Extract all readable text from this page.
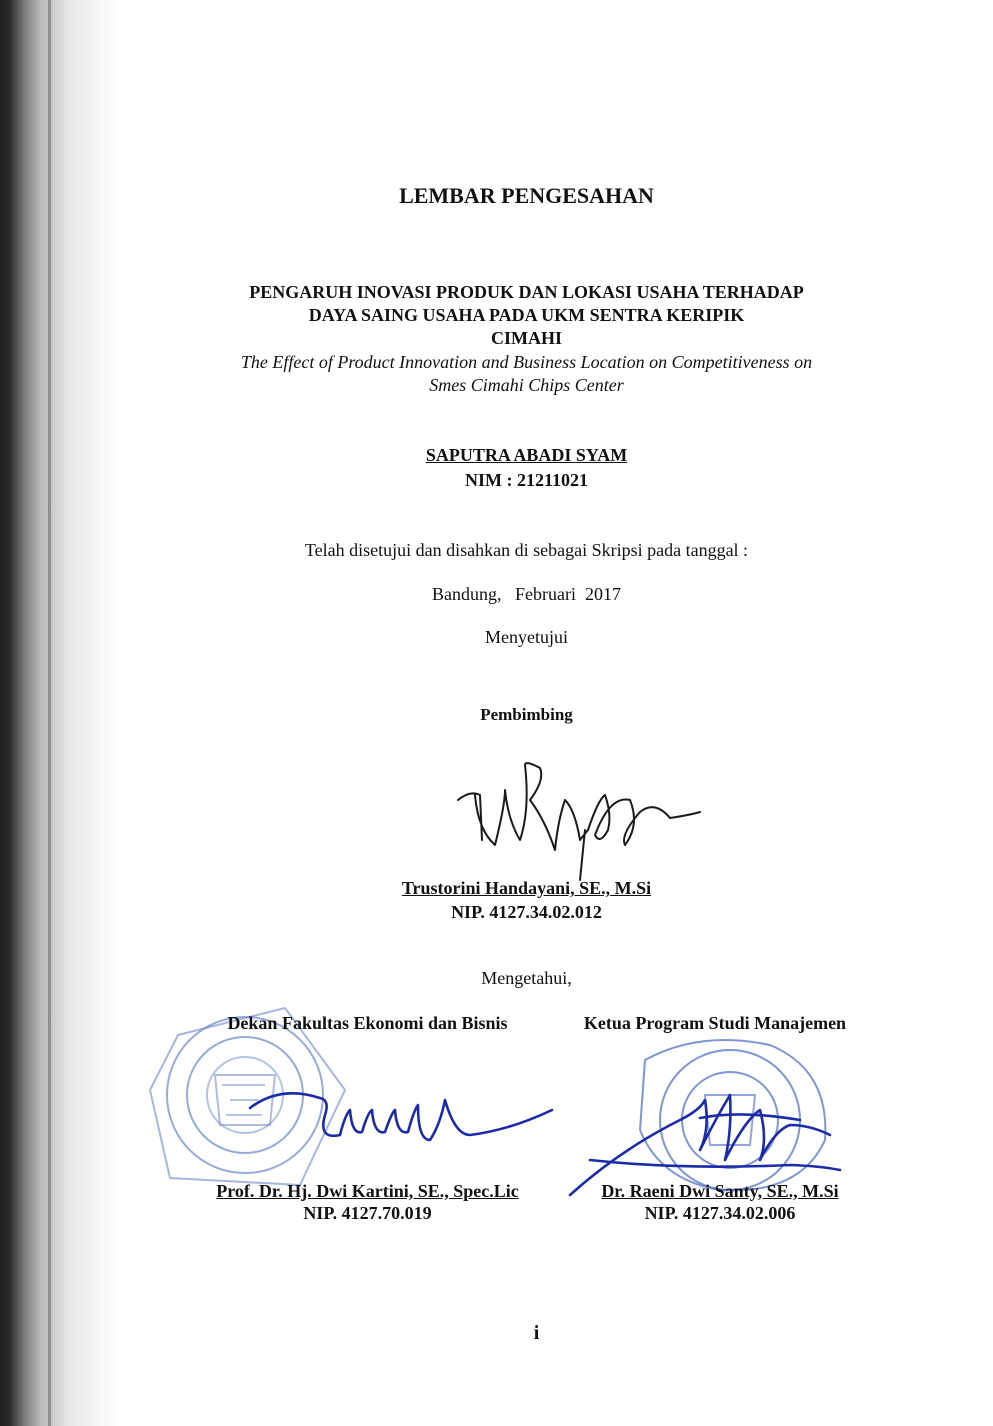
LEMBAR PENGESAHAN
PENGARUH INOVASI PRODUK DAN LOKASI USAHA TERHADAP
DAYA SAING USAHA PADA UKM SENTRA KERIPIK
CIMAHI
The Effect of Product Innovation and Business Location on Competitiveness on
Smes Cimahi Chips Center
SAPUTRA ABADI SYAM
NIM : 21211021
Telah disetujui dan disahkan di sebagai Skripsi pada tanggal :
Bandung,   Februari  2017
Menyetujui
Pembimbing
Trustorini Handayani, SE., M.Si
NIP. 4127.34.02.012
Mengetahui,
Dekan Fakultas Ekonomi dan Bisnis	Ketua Program Studi Manajemen
Prof. Dr. Hj. Dwi Kartini, SE., Spec.Lic
NIP. 4127.70.019
Dr. Raeni Dwi Santy, SE., M.Si
NIP. 4127.34.02.006
i
